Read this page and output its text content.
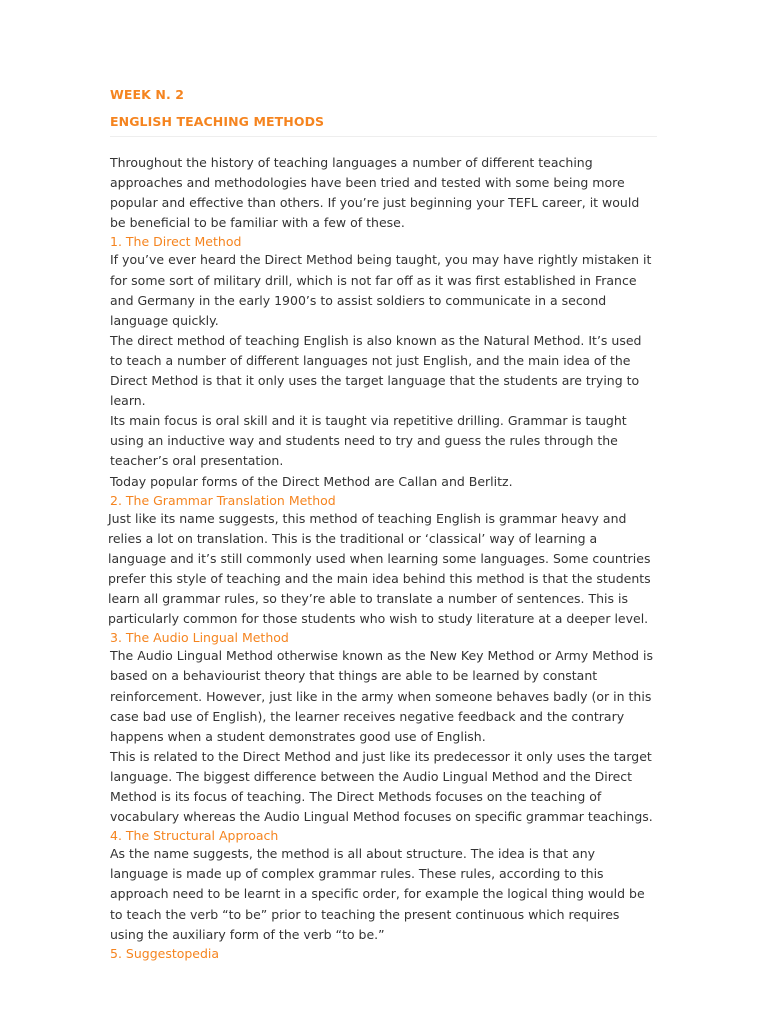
WEEK N. 2
ENGLISH TEACHING METHODS

Throughout the history of teaching languages a number of different teaching approaches and methodologies have been tried and tested with some being more popular and effective than others. If you’re just beginning your TEFL career, it would be beneficial to be familiar with a few of these.

1. The Direct Method

If you’ve ever heard the Direct Method being taught, you may have rightly mistaken it for some sort of military drill, which is not far off as it was first established in France and Germany in the early 1900’s to assist soldiers to communicate in a second language quickly.

The direct method of teaching English is also known as the Natural Method. It’s used to teach a number of different languages not just English, and the main idea of the Direct Method is that it only uses the target language that the students are trying to learn.

Its main focus is oral skill and it is taught via repetitive drilling. Grammar is taught using an inductive way and students need to try and guess the rules through the teacher’s oral presentation.

Today popular forms of the Direct Method are Callan and Berlitz.

2. The Grammar Translation Method

Just like its name suggests, this method of teaching English is grammar heavy and relies a lot on translation. This is the traditional or ‘classical’ way of learning a language and it’s still commonly used when learning some languages. Some countries prefer this style of teaching and the main idea behind this method is that the students learn all grammar rules, so they’re able to translate a number of sentences. This is particularly common for those students who wish to study literature at a deeper level.

3. The Audio Lingual Method

The Audio Lingual Method otherwise known as the New Key Method or Army Method is based on a behaviourist theory that things are able to be learned by constant reinforcement. However, just like in the army when someone behaves badly (or in this case bad use of English), the learner receives negative feedback and the contrary happens when a student demonstrates good use of English.

This is related to the Direct Method and just like its predecessor it only uses the target language. The biggest difference between the Audio Lingual Method and the Direct Method is its focus of teaching. The Direct Methods focuses on the teaching of vocabulary whereas the Audio Lingual Method focuses on specific grammar teachings.

4. The Structural Approach

As the name suggests, the method is all about structure. The idea is that any language is made up of complex grammar rules. These rules, according to this approach need to be learnt in a specific order, for example the logical thing would be to teach the verb “to be” prior to teaching the present continuous which requires using the auxiliary form of the verb “to be.”

5. Suggestopedia
